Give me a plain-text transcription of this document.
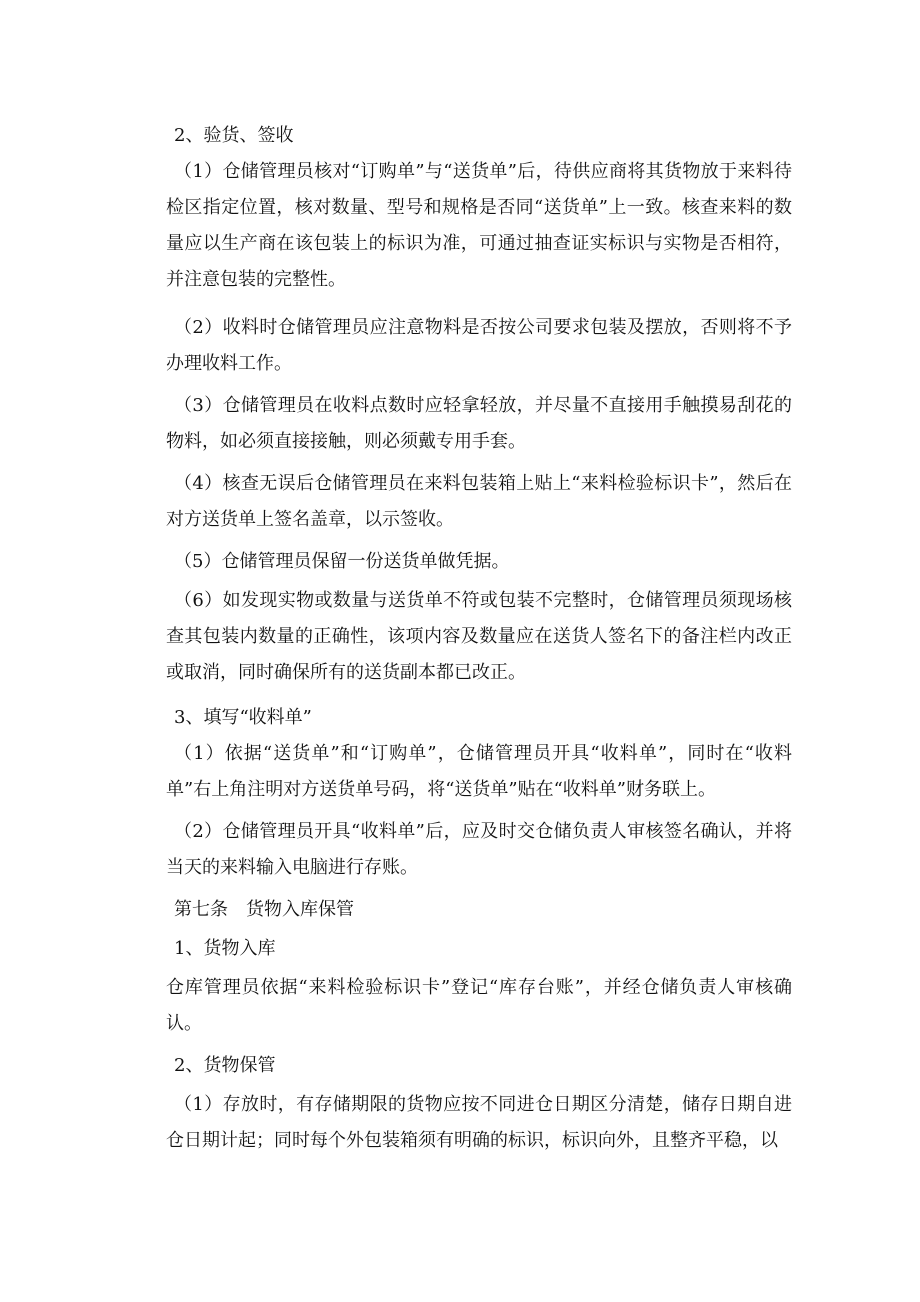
2、验货、签收

（1）仓储管理员核对“订购单”与“送货单”后，待供应商将其货物放于来料待检区指定位置，核对数量、型号和规格是否同“送货单”上一致。核查来料的数量应以生产商在该包装上的标识为准，可通过抽查证实标识与实物是否相符，并注意包装的完整性。

（2）收料时仓储管理员应注意物料是否按公司要求包装及摆放，否则将不予办理收料工作。

（3）仓储管理员在收料点数时应轻拿轻放，并尽量不直接用手触摸易刮花的物料，如必须直接接触，则必须戴专用手套。

（4）核查无误后仓储管理员在来料包装箱上贴上“来料检验标识卡”，然后在对方送货单上签名盖章，以示签收。

（5）仓储管理员保留一份送货单做凭据。

（6）如发现实物或数量与送货单不符或包装不完整时，仓储管理员须现场核查其包装内数量的正确性，该项内容及数量应在送货人签名下的备注栏内改正或取消，同时确保所有的送货副本都已改正。

3、填写“收料单”

（1）依据“送货单”和“订购单”，仓储管理员开具“收料单”，同时在“收料单”右上角注明对方送货单号码，将“送货单”贴在“收料单”财务联上。

（2）仓储管理员开具“收料单”后，应及时交仓储负责人审核签名确认，并将当天的来料输入电脑进行存账。

第七条　货物入库保管

1、货物入库

仓库管理员依据“来料检验标识卡”登记“库存台账”，并经仓储负责人审核确认。

2、货物保管

（1）存放时，有存储期限的货物应按不同进仓日期区分清楚，储存日期自进仓日期计起；同时每个外包装箱须有明确的标识，标识向外，且整齐平稳，以
